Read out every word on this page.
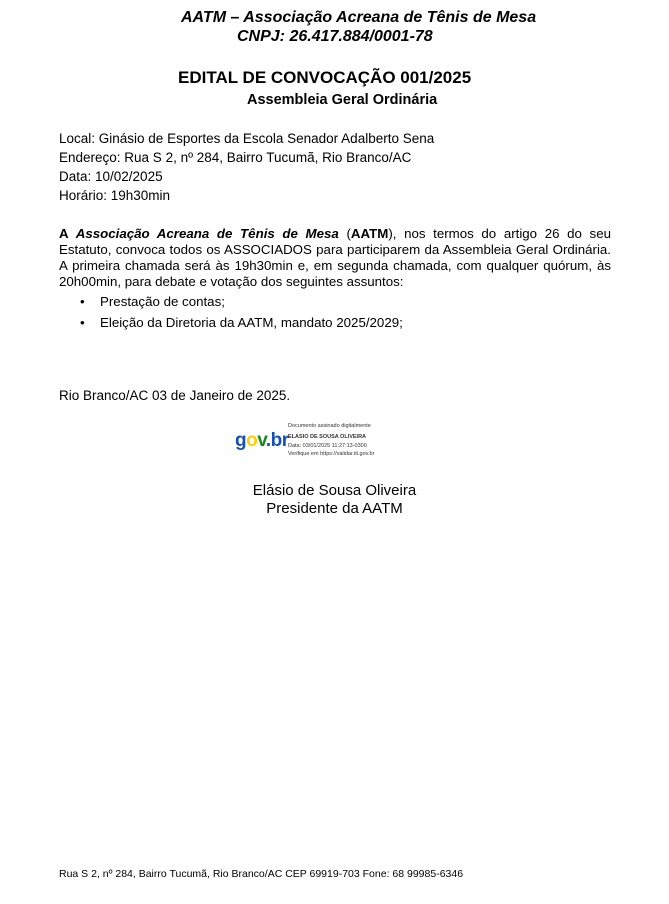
AATM – Associação Acreana de Tênis de Mesa
CNPJ: 26.417.884/0001-78
EDITAL DE CONVOCAÇÃO 001/2025
Assembleia Geral Ordinária
Local: Ginásio de Esportes da Escola Senador Adalberto Sena
Endereço: Rua S 2, nº 284, Bairro Tucumã, Rio Branco/AC
Data: 10/02/2025
Horário: 19h30min
A Associação Acreana de Tênis de Mesa (AATM), nos termos do artigo 26 do seu Estatuto, convoca todos os ASSOCIADOS para participarem da Assembleia Geral Ordinária. A primeira chamada será às 19h30min e, em segunda chamada, com qualquer quórum, às 20h00min, para debate e votação dos seguintes assuntos:
• Prestação de contas;
• Eleição da Diretoria da AATM, mandato 2025/2029;
Rio Branco/AC 03 de Janeiro de 2025.
gov.br
Documento assinado digitalmente
ELASIO DE SOUSA OLIVEIRA
Data: 03/01/2025 11:27:13-0300
Verifique em https://validar.iti.gov.br
Elásio de Sousa Oliveira
Presidente da AATM
Rua S 2, nº 284, Bairro Tucumã, Rio Branco/AC CEP 69919-703 Fone: 68 99985-6346
